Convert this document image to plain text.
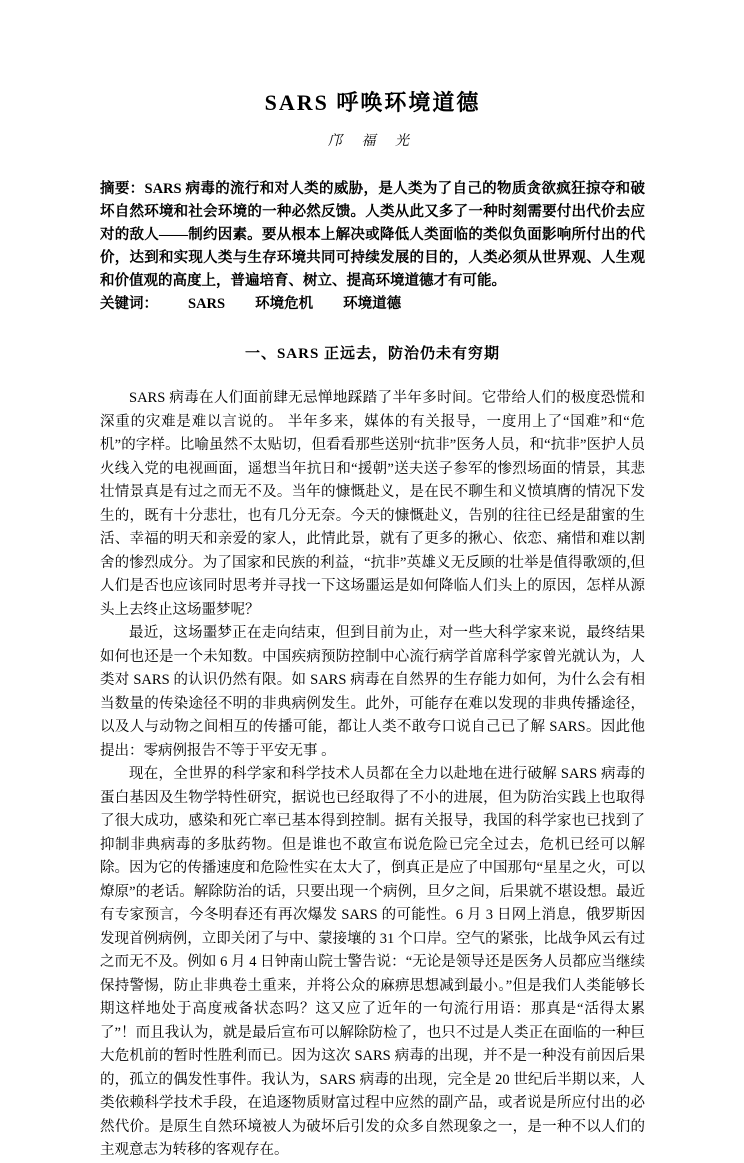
SARS 呼唤环境道德
邝 福 光

摘要：SARS 病毒的流行和对人类的威胁，是人类为了自己的物质贪欲疯狂掠夺和破坏自然环境和社会环境的一种必然反馈。人类从此又多了一种时刻需要付出代价去应对的敌人——制约因素。要从根本上解决或降低人类面临的类似负面影响所付出的代价，达到和实现人类与生存环境共同可持续发展的目的，人类必须从世界观、人生观和价值观的高度上，普遍培育、树立、提高环境道德才有可能。

关键词： SARS 环境危机 环境道德

一、SARS 正远去，防治仍未有穷期

SARS 病毒在人们面前肆无忌惮地踩踏了半年多时间。它带给人们的极度恐慌和深重的灾难是难以言说的。 半年多来，媒体的有关报导，一度用上了“国难”和“危机”的字样。比喻虽然不太贴切，但看看那些送别“抗非”医务人员，和“抗非”医护人员火线入党的电视画面，遥想当年抗日和“援朝”送夫送子参军的惨烈场面的情景，其悲壮情景真是有过之而无不及。当年的慷慨赴义，是在民不聊生和义愤填膺的情况下发生的，既有十分悲壮，也有几分无奈。今天的慷慨赴义，告别的往往已经是甜蜜的生活、幸福的明天和亲爱的家人，此情此景，就有了更多的揪心、依恋、痛惜和难以割舍的惨烈成分。为了国家和民族的利益，“抗非”英雄义无反顾的壮举是值得歌颂的,但人们是否也应该同时思考并寻找一下这场噩运是如何降临人们头上的原因，怎样从源头上去终止这场噩梦呢？

最近，这场噩梦正在走向结束，但到目前为止，对一些大科学家来说，最终结果如何也还是一个未知数。中国疾病预防控制中心流行病学首席科学家曾光就认为，人类对 SARS 的认识仍然有限。如 SARS 病毒在自然界的生存能力如何，为什么会有相当数量的传染途径不明的非典病例发生。此外，可能存在难以发现的非典传播途径，以及人与动物之间相互的传播可能，都让人类不敢夸口说自己已了解 SARS。因此他提出：零病例报告不等于平安无事 。

现在，全世界的科学家和科学技术人员都在全力以赴地在进行破解 SARS 病毒的蛋白基因及生物学特性研究，据说也已经取得了不小的进展，但为防治实践上也取得了很大成功，感染和死亡率已基本得到控制。据有关报导，我国的科学家也已找到了抑制非典病毒的多肽药物。但是谁也不敢宣布说危险已完全过去，危机已经可以解除。因为它的传播速度和危险性实在太大了，倒真正是应了中国那句“星星之火，可以燎原”的老话。解除防治的话，只要出现一个病例，旦夕之间，后果就不堪设想。最近有专家预言，今冬明春还有再次爆发 SARS 的可能性。6 月 3 日网上消息，俄罗斯因发现首例病例，立即关闭了与中、蒙接壤的 31 个口岸。空气的紧张，比战争风云有过之而无不及。例如 6 月 4 日钟南山院士警告说：“无论是领导还是医务人员都应当继续保持警惕，防止非典卷土重来，并将公众的麻痹思想减到最小。”但是我们人类能够长期这样地处于高度戒备状态吗？这又应了近年的一句流行用语：那真是“活得太累了”！而且我认为，就是最后宣布可以解除防检了，也只不过是人类正在面临的一种巨大危机前的暂时性胜利而已。因为这次 SARS 病毒的出现，并不是一种没有前因后果的，孤立的偶发性事件。我认为，SARS 病毒的出现，完全是 20 世纪后半期以来，人类依赖科学技术手段，在追逐物质财富过程中应然的副产品，或者说是所应付出的必然代价。是原生自然环境被人为破坏后引发的众多自然现象之一，是一种不以人们的主观意志为转移的客观存在。
